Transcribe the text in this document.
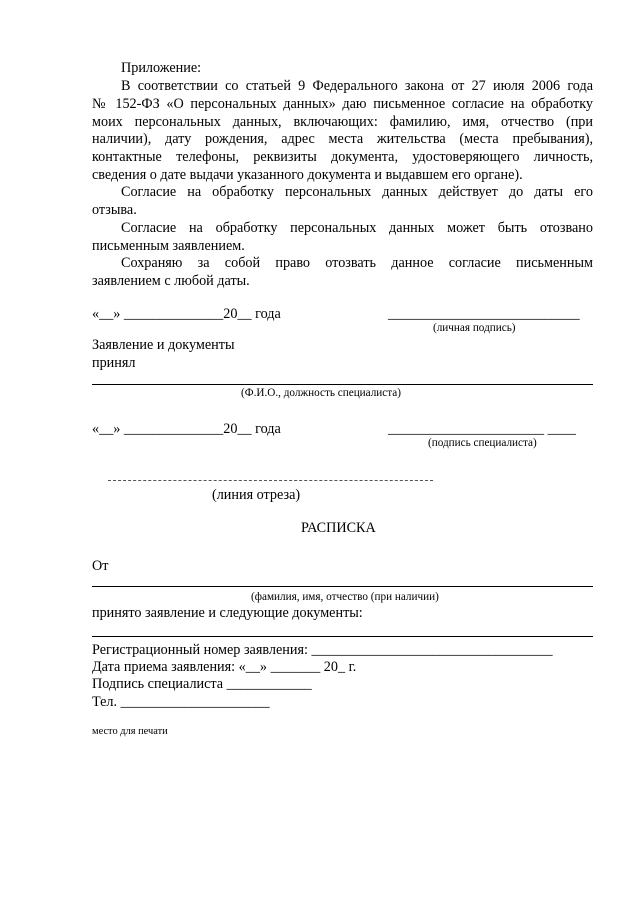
Приложение:
В соответствии со статьей 9 Федерального закона от 27 июля 2006 года
№ 152-ФЗ «О персональных данных» даю письменное согласие на обработку
моих персональных данных, включающих: фамилию, имя, отчество (при
наличии), дату рождения, адрес места жительства (места пребывания),
контактные телефоны, реквизиты документа, удостоверяющего личность,
сведения о дате выдачи указанного документа и выдавшем его органе).
Согласие на обработку персональных данных действует до даты его
отзыва.
Согласие на обработку персональных данных может быть отозвано
письменным заявлением.
Сохраняю за собой право отозвать данное согласие письменным
заявлением с любой даты.
«__» ______________20__ года	___________________________
(личная подпись)
Заявление и документы
принял
(Ф.И.О., должность специалиста)
«__» ______________20__ года	______________________ ____
(подпись специалиста)
(линия отреза)
РАСПИСКА
От
(фамилия, имя, отчество (при наличии)
принято заявление и следующие документы:
Регистрационный номер заявления: __________________________________
Дата приема заявления: «__» _______ 20_ г.
Подпись специалиста ____________
Тел. _____________________
место для печати
